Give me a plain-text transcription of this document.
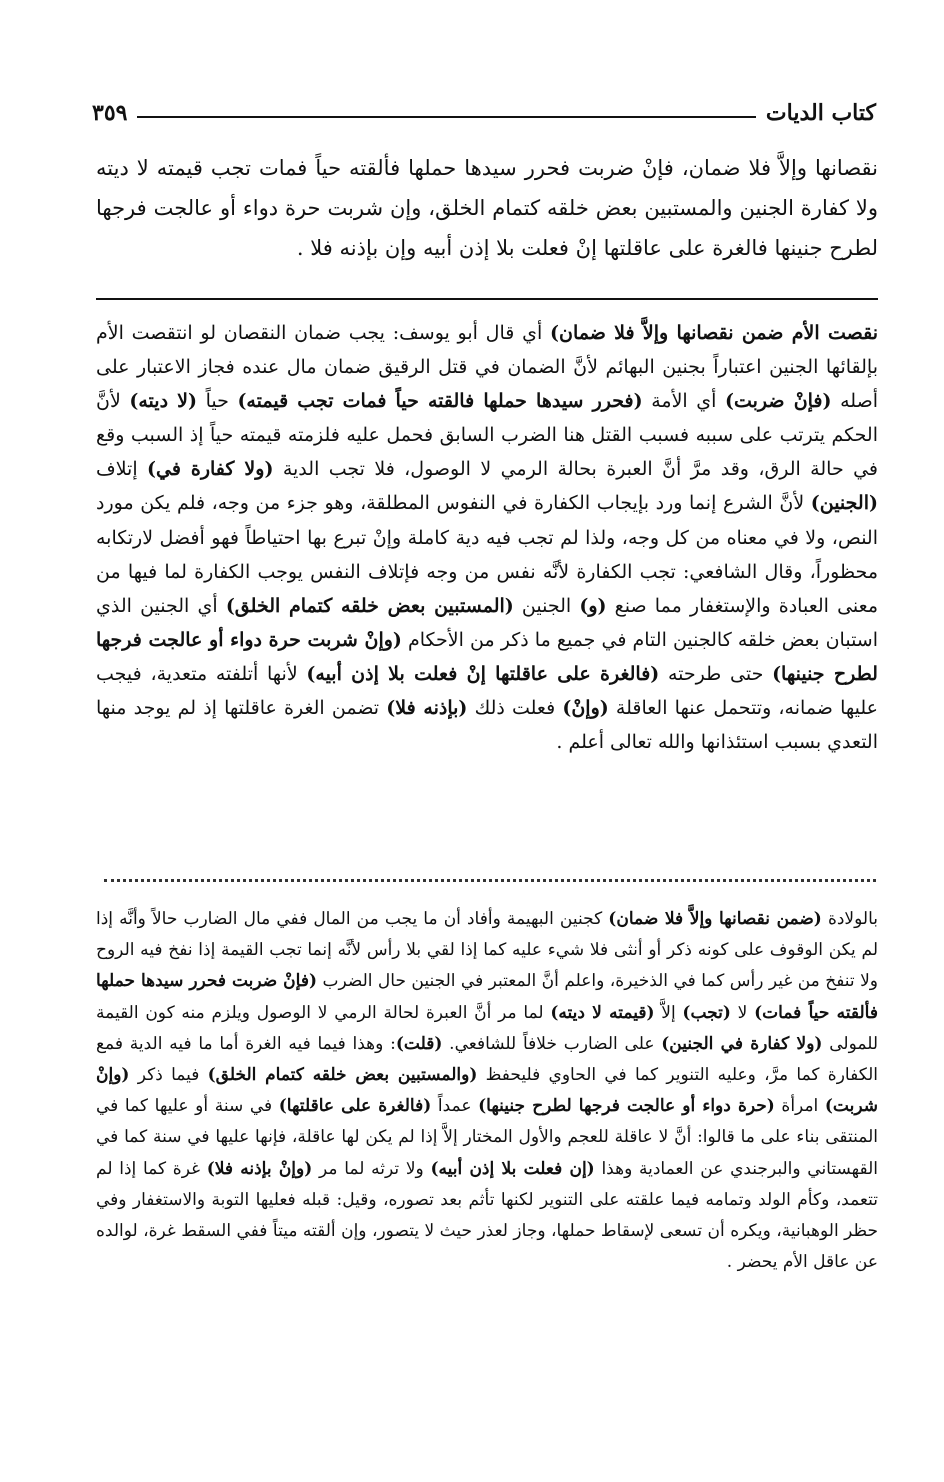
كتاب الديات
٣٥٩

نقصانها وإلاَّ فلا ضمان، فإنْ ضربت فحرر سيدها حملها فألقته حياً فمات تجب قيمته لا ديته ولا كفارة الجنين والمستبين بعض خلقه كتمام الخلق، وإن شربت حرة دواء أو عالجت فرجها لطرح جنينها فالغرة على عاقلتها إنْ فعلت بلا إذن أبيه وإن بإذنه فلا .

نقصت الأم ضمن نقصانها وإلاَّ فلا ضمان) أي قال أبو يوسف: يجب ضمان النقصان لو انتقصت الأم بإلقائها الجنين اعتباراً بجنين البهائم لأنَّ الضمان في قتل الرقيق ضمان مال عنده فجاز الاعتبار على أصله (فإنْ ضربت) أي الأمة (فحرر سيدها حملها فالقته حياً فمات تجب قيمته) حياً (لا ديته) لأنَّ الحكم يترتب على سببه فسبب القتل هنا الضرب السابق فحمل عليه فلزمته قيمته حياً إذ السبب وقع في حالة الرق، وقد مرَّ أنَّ العبرة بحالة الرمي لا الوصول، فلا تجب الدية (ولا كفارة في) إتلاف (الجنين) لأنَّ الشرع إنما ورد بإيجاب الكفارة في النفوس المطلقة، وهو جزء من وجه، فلم يكن مورد النص، ولا في معناه من كل وجه، ولذا لم تجب فيه دية كاملة وإنْ تبرع بها احتياطاً فهو أفضل لارتكابه محظوراً، وقال الشافعي: تجب الكفارة لأنَّه نفس من وجه فإتلاف النفس يوجب الكفارة لما فيها من معنى العبادة والإستغفار مما صنع (و) الجنين (المستبين بعض خلقه كتمام الخلق) أي الجنين الذي استبان بعض خلقه كالجنين التام في جميع ما ذكر من الأحكام (وإنْ شربت حرة دواء أو عالجت فرجها لطرح جنينها) حتى طرحته (فالغرة على عاقلتها إنْ فعلت بلا إذن أبيه) لأنها أتلفته متعدية، فيجب عليها ضمانه، وتتحمل عنها العاقلة (وإنْ) فعلت ذلك (بإذنه فلا) تضمن الغرة عاقلتها إذ لم يوجد منها التعدي بسبب استئذانها والله تعالى أعلم .

بالولادة (ضمن نقصانها وإلاَّ فلا ضمان) كجنين البهيمة وأفاد أن ما يجب من المال ففي مال الضارب حالاً وأنَّه إذا لم يكن الوقوف على كونه ذكر أو أنثى فلا شيء عليه كما إذا لقي بلا رأس لأنَّه إنما تجب القيمة إذا نفخ فيه الروح ولا تنفخ من غير رأس كما في الذخيرة، واعلم أنَّ المعتبر في الجنين حال الضرب (فإنْ ضربت فحرر سيدها حملها فألقته حياً فمات) لا (تجب) إلاَّ (قيمته لا ديته) لما مر أنَّ العبرة لحالة الرمي لا الوصول ويلزم منه كون القيمة للمولى (ولا كفارة في الجنين) على الضارب خلافاً للشافعي. (قلت): وهذا فيما فيه الغرة أما ما فيه الدية فمع الكفارة كما مرَّ، وعليه التنوير كما في الحاوي فليحفظ (والمستبين بعض خلقه كتمام الخلق) فيما ذكر (وإنْ شربت) امرأة (حرة دواء أو عالجت فرجها لطرح جنينها) عمداً (فالغرة على عاقلتها) في سنة أو عليها كما في المنتقى بناء على ما قالوا: أنَّ لا عاقلة للعجم والأول المختار إلاَّ إذا لم يكن لها عاقلة، فإنها عليها في سنة كما في القهستاني والبرجندي عن العمادية وهذا (إن فعلت بلا إذن أبيه) ولا ترثه لما مر (وإنْ بإذنه فلا) غرة كما إذا لم تتعمد، وكأم الولد وتمامه فيما علقته على التنوير لكنها تأثم بعد تصوره، وقيل: قبله فعليها التوبة والاستغفار وفي حظر الوهبانية، ويكره أن تسعى لإسقاط حملها، وجاز لعذر حيث لا يتصور، وإن ألقته ميتاً ففي السقط غرة، لوالده عن عاقل الأم يحضر .
